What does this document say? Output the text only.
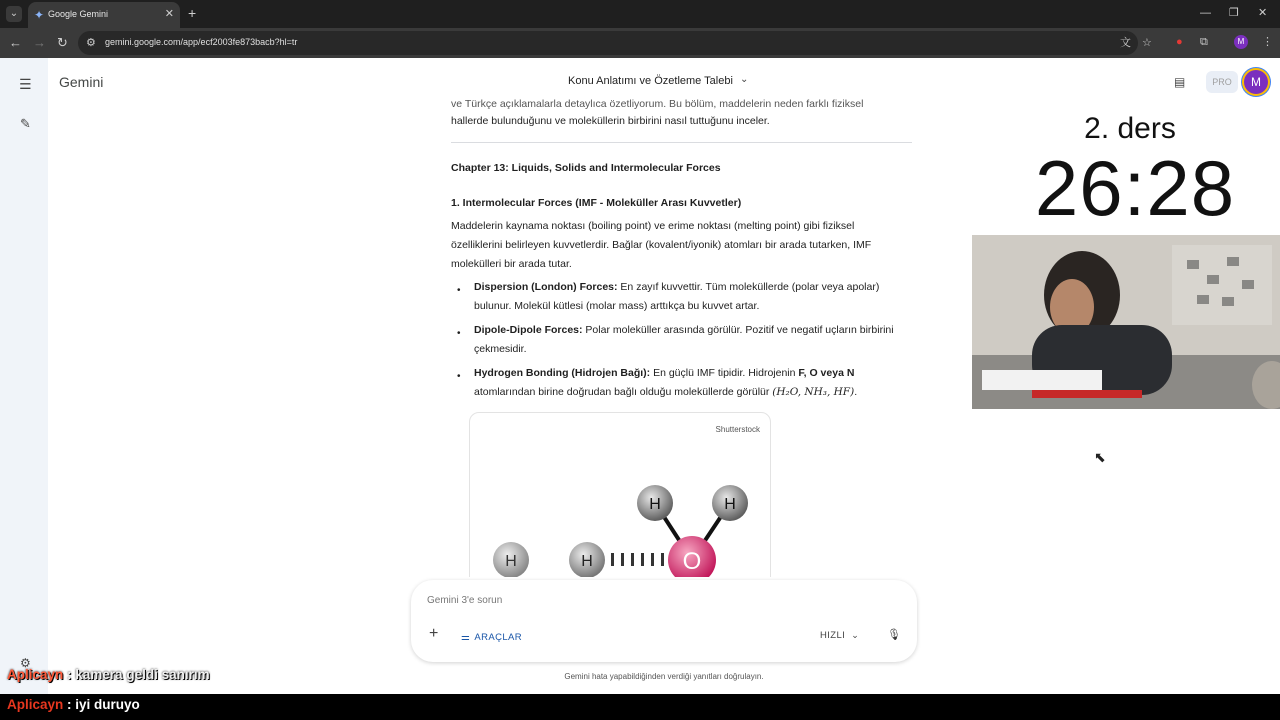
⌄	✦ Google Gemini	✕ +	— ❐ ✕
← → ↻ ⚙ gemini.google.com/app/ecf2003fe873bacb?hl=tr	文 ☆ ● ⧉	⋮
M
☰
✎
⚙
Gemini	Konu Anlatımı ve Özetleme Talebi ⌄	▤	PRO	M
ve Türkçe açıklamalarla detaylıca özetliyorum. Bu bölüm, maddelerin neden farklı fiziksel
hallerde bulunduğunu ve moleküllerin birbirini nasıl tuttuğunu inceler.
Chapter 13: Liquids, Solids and Intermolecular Forces
1. Intermolecular Forces (IMF - Moleküller Arası Kuvvetler)
Maddelerin kaynama noktası (boiling point) ve erime noktası (melting point) gibi fiziksel
özelliklerini belirleyen kuvvetlerdir. Bağlar (kovalent/iyonik) atomları bir arada tutarken, IMF
molekülleri bir arada tutar.
• Dispersion (London) Forces: En zayıf kuvvettir. Tüm moleküllerde (polar veya apolar)
bulunur. Molekül kütlesi (molar mass) arttıkça bu kuvvet artar.
• Dipole-Dipole Forces: Polar moleküller arasında görülür. Pozitif ve negatif uçların birbirini
çekmesidir.
• Hydrogen Bonding (Hidrojen Bağı): En güçlü IMF tipidir. Hidrojenin F, O veya N
atomlarından birine doğrudan bağlı olduğu moleküllerde görülür (H₂O, NH₃, HF).
Shutterstock
H	H
H	H	O
Gemini 3'e sorun
+ ⚌ ARAÇLAR	HIZLI ⌄	🎙︎
Gemini hata yapabildiğinden verdiği yanıtları doğrulayın.
2. ders
26:28
Aplicayn : kamera geldi sanırım
Aplicayn : iyi duruyo
⬉
